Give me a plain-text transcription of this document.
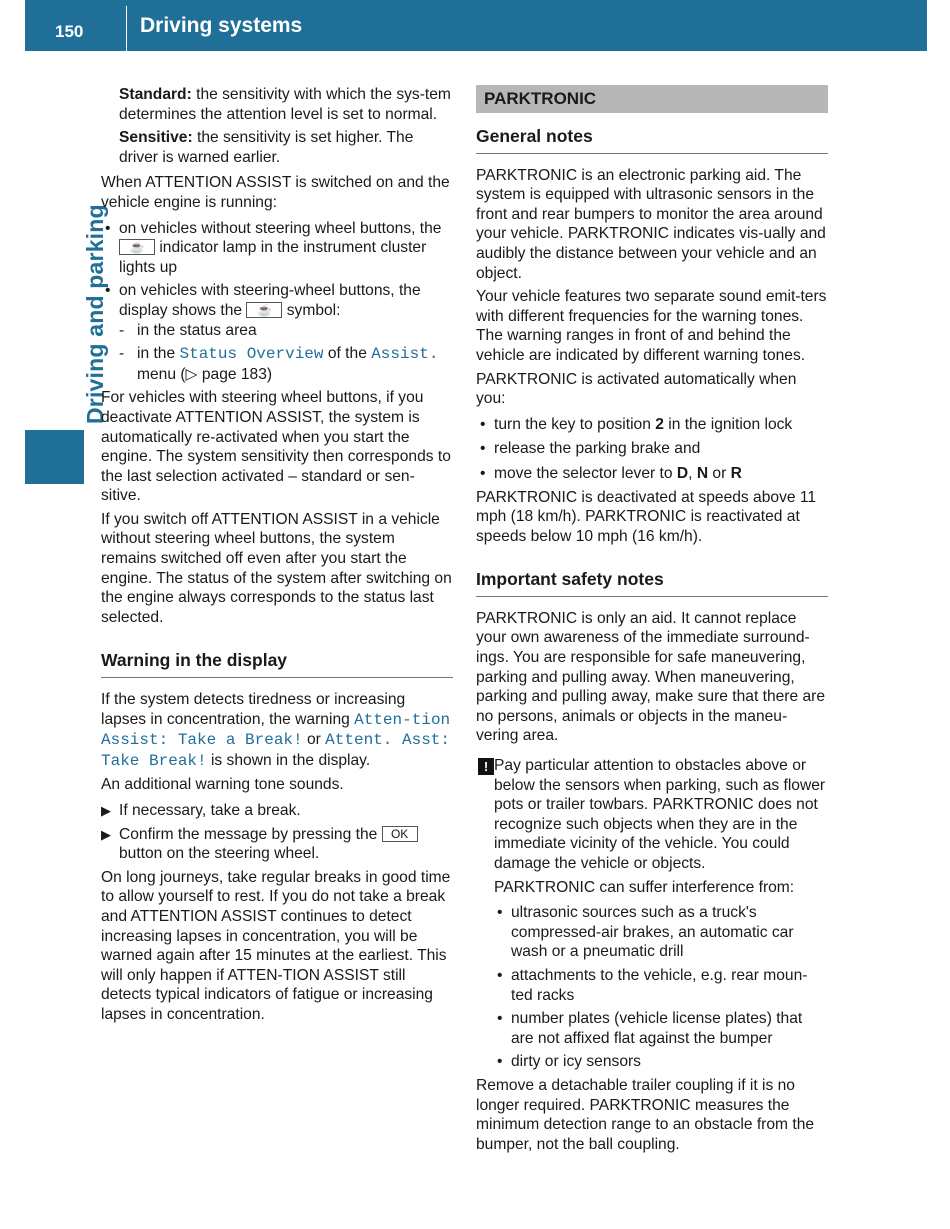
150	Driving systems
Driving and parking

Standard: the sensitivity with which the sys-tem determines the attention level is set to normal.

Sensitive: the sensitivity is set higher. The driver is warned earlier.

When ATTENTION ASSIST is switched on and the vehicle engine is running:

• on vehicles without steering wheel buttons, the ☕ indicator lamp in the instrument cluster lights up
• on vehicles with steering-wheel buttons, the display shows the ☕ symbol:
- in the status area
- in the Status Overview of the Assist. menu (▷ page 183)

For vehicles with steering wheel buttons, if you deactivate ATTENTION ASSIST, the system is automatically re-activated when you start the engine. The system sensitivity then corresponds to the last selection activated – standard or sen-sitive.

If you switch off ATTENTION ASSIST in a vehicle without steering wheel buttons, the system remains switched off even after you start the engine. The status of the system after switching on the engine always corresponds to the status last selected.

Warning in the display

If the system detects tiredness or increasing lapses in concentration, the warning Atten-tion Assist: Take a Break! or Attent. Asst: Take Break! is shown in the display.

An additional warning tone sounds.

▶ If necessary, take a break.
▶ Confirm the message by pressing the OK button on the steering wheel.

On long journeys, take regular breaks in good time to allow yourself to rest. If you do not take a break and ATTENTION ASSIST continues to detect increasing lapses in concentration, you will be warned again after 15 minutes at the earliest. This will only happen if ATTEN-TION ASSIST still detects typical indicators of fatigue or increasing lapses in concentration.

PARKTRONIC
General notes

PARKTRONIC is an electronic parking aid. The system is equipped with ultrasonic sensors in the front and rear bumpers to monitor the area around your vehicle. PARKTRONIC indicates vis-ually and audibly the distance between your vehicle and an object.

Your vehicle features two separate sound emit-ters with different frequencies for the warning tones. The warning ranges in front of and behind the vehicle are indicated by different warning tones.

PARKTRONIC is activated automatically when you:

• turn the key to position 2 in the ignition lock
• release the parking brake and
• move the selector lever to D, N or R

PARKTRONIC is deactivated at speeds above 11 mph (18 km/h). PARKTRONIC is reactivated at speeds below 10 mph (16 km/h).

Important safety notes

PARKTRONIC is only an aid. It cannot replace your own awareness of the immediate surround-ings. You are responsible for safe maneuvering, parking and pulling away. When maneuvering, parking and pulling away, make sure that there are no persons, animals or objects in the maneu-vering area.

! Pay particular attention to obstacles above or below the sensors when parking, such as flower pots or trailer towbars. PARKTRONIC does not recognize such objects when they are in the immediate vicinity of the vehicle. You could damage the vehicle or objects.

PARKTRONIC can suffer interference from:

• ultrasonic sources such as a truck's compressed-air brakes, an automatic car wash or a pneumatic drill
• attachments to the vehicle, e.g. rear moun-ted racks
• number plates (vehicle license plates) that are not affixed flat against the bumper
• dirty or icy sensors

Remove a detachable trailer coupling if it is no longer required. PARKTRONIC measures the minimum detection range to an obstacle from the bumper, not the ball coupling.
